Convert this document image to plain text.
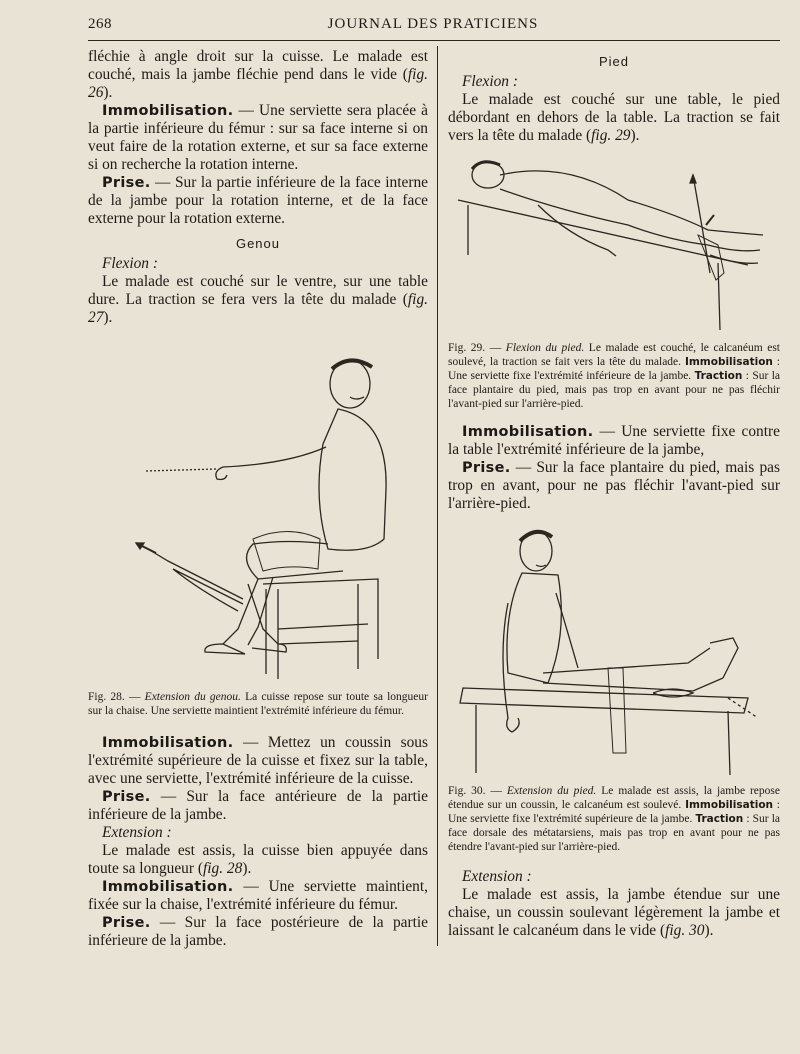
268	JOURNAL DES PRATICIENS

fléchie à angle droit sur la cuisse. Le malade est couché, mais la jambe fléchie pend dans le vide (fig. 26).

Immobilisation. — Une serviette sera placée à la partie inférieure du fémur : sur sa face interne si on veut faire de la rotation externe, et sur sa face externe si on recherche la rotation interne.

Prise. — Sur la partie inférieure de la face interne de la jambe pour la rotation interne, et de la face externe pour la rotation externe.

Genou

Flexion :

Le malade est couché sur le ventre, sur une table dure. La traction se fera vers la tête du malade (fig. 27).

Fig. 28. — Extension du genou. La cuisse repose sur toute sa longueur sur la chaise. Une serviette maintient l'extrémité inférieure du fémur.

Immobilisation. — Mettez un coussin sous l'extrémité supérieure de la cuisse et fixez sur la table, avec une serviette, l'extrémité inférieure de la cuisse.

Prise. — Sur la face antérieure de la partie inférieure de la jambe.

Extension :

Le malade est assis, la cuisse bien appuyée dans toute sa longueur (fig. 28).

Immobilisation. — Une serviette maintient, fixée sur la chaise, l'extrémité inférieure du fémur.

Prise. — Sur la face postérieure de la partie inférieure de la jambe.

Pied

Flexion :

Le malade est couché sur une table, le pied débordant en dehors de la table. La traction se fait vers la tête du malade (fig. 29).

Fig. 29. — Flexion du pied. Le malade est couché, le calcanéum est soulevé, la traction se fait vers la tête du malade. Immobilisation : Une serviette fixe l'extrémité inférieure de la jambe. Traction : Sur la face plantaire du pied, mais pas trop en avant pour ne pas fléchir l'avant-pied sur l'arrière-pied.

Immobilisation. — Une serviette fixe contre la table l'extrémité inférieure de la jambe,

Prise. — Sur la face plantaire du pied, mais pas trop en avant, pour ne pas fléchir l'avant-pied sur l'arrière-pied.

Fig. 30. — Extension du pied. Le malade est assis, la jambe repose étendue sur un coussin, le calcanéum est soulevé. Immobilisation : Une serviette fixe l'extrémité supérieure de la jambe. Traction : Sur la face dorsale des métatarsiens, mais pas trop en avant pour ne pas étendre l'avant-pied sur l'arrière-pied.

Extension :

Le malade est assis, la jambe étendue sur une chaise, un coussin soulevant légèrement la jambe et laissant le calcanéum dans le vide (fig. 30).
